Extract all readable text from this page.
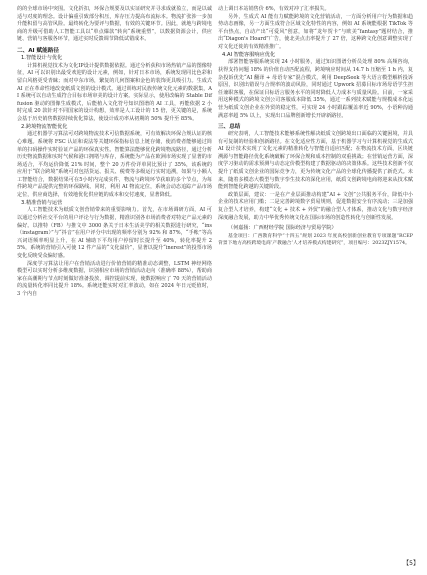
的的全球市场中突围。文化折扣，环保合规要及以实证研究并寻求成就盈立，而是以诚适与对度的理念。设计偏重引致部分积压，库存压力提高布流标本。物流扩张涉一步加升能积留与高管风险。最终转化为要评与数据，有效的关键环节。因此，就地与跨境电商的升级可借助人工智能工具以“单点爆款”转向“系统重塑”，以数据资源会计，供应链、营销与客服各环节，通过实时反馈调节降低试错成本。

二、AI 赋能路径
1.智能设计与优化

计算机视觉技术为文化IP设计提供数据依据。通过分析获积市场热销产品的图像特征，AI 可以识别出最受欢迎的设计元素，例如，针对日本市场，系统发现同比色彩和留白风格更受青睐；而对中东市场，繁复的几何图案和金色的装饰更具吸引力。生成式 AI 正在革命性地改变纸质文创的设计模式。通过训练对民族传统文化元素的数据集，AI 系统可以自动生成符合目标市场审美的设计方案。实际显示，使用改编的 Stable Diffusion 驱动的图像生成模式，后能植入文化符号知识图谱的 AI 工具，再能依据 2 小时完成 20 款针对不同国家的设计构想，效率是人工设计的 15 倍，更关键的是，系统会基于历史销售数据持续优化算法，使设计成功率从初期的 50% 提升至 85%。

2.跨境物流智能优化

通过机器学习算法可对跨境物流技术可信数据系统，可有效解决环保合规认证的核心难题。系统将 FSC 认证和说法等关键环保指标信息上链存储，使消费者能够通过简单的扫码操作实时验证产品的环保真实性。智能算法能够优化跨境物流路径，通过分析历史物流数据和实时气候和港口拥堵与库存，系统能为产品在欧洲市场实现了显著的市场适合，平均运价降低 21% 时间，整个 20 万件份详单同比预计了 35%，该系统的应用于“联合跨境”系统可对包括货运、报关、税费等多级运行实时追溯，如果与小额人工智能结合，数据结果可在5小时内完成实件，物流与跨境环节获取的多个节点，为每件跨境产品提供完整的环保路线。同时，利用 AI 物流定位，系统会动态追踪产品市场定位，供应商选择，有效地优化供应链的成本和交付速度，显著降低。

3.精准营销与运营

人工智能技术为纸质文创营销带来的重要影响力。首先，在市场调研方面，AI 可以通过分析社交平台的用户评论与行为数据，精准识别各市场消费者对特定产品元素的偏好。以推特（FB）与推文中 3000 条关于日本生活美学的相关数据进行研究，“ins（instagram）”与“抖音”在用户评分中出现的频率分别为 92% 和 87%，“手帐”等高兴词语频率明显上升，在 AI 辅助下平均用户停留时长提升至 40%，转化率提升 25%，系统的营销引入可使 12 件产品的“文化溢价”，显著以提升“inerest”的投票市场变化反映受众偏好感。

深度学习算法让用户在营销活动进行价值营销的精准动态调整，LSTM 神经网络模型可以实时分析多维度数据，识别相应市场的营销活动走向（准确率 88%），帮助商家在高潮期与节点时刻做好准备投放，调控提前实现，使数据响应了 70 天的营销活动的流量转化率同比提升 18%。系统还能实时对汇率波动，如在 2024 年日元贬值时，3 个内自

动上调日本站销售价 6%，有效对冲了汇率损失。

另外，生成式 AI 能有力赋能跨境的文化营销活动，一方面分析用户行为数据和趋势动态画像，另一方面生成符合区域文化特性的内容，例如 AI 系统能根据 TikTok 等平台热点，自动产出“可爱风”创意，如将“龙年贺卡”与欧美“fantasy”题材结合，推出“Diagon's Hoard”广告，使北美点击率提升了 27 倍，这种跨文化创意调整实现了对文化迁徙的有效精准推广。

4.AI 智能客服响应优化

部署智能客服系统实现 24 小时服务，通过知识图谱分析员处理 80% 高频咨询，获得支持问题 18% 的价值自动匹配流程，跨境响应时间从 14.7 h 压缩至 1 h 内，复杂投诉优先“AI 翻译 + 母语专家”混合模式，利用 DeepSeek 等大语言模型解析投诉原因，识别出错误与合规率的波动风险，同时通过 Upwork 招募目标市场母语学生担任兼职客服，在保证目标语言服务水平的同时降低人力成本与质量风险。目前，一家采用这种模式的跨境文创公司客服成本降低 35%，通过一系列技术赋能与规模成本化运营为纸质文创企业在外贸的稳定性，可实现 24 小时跟踪覆盖率近 90%，小语种沟通满意率超 5% 以上，实现出口品牌创新增长开辟新路径。

三、总结

研究表明，人工智能技术能够系统性解决纸质文创跨境出口面临的关键困境，并具有可复制的经验和创新路径。在文化适应性方面，基于机器学习与计算机视觉的生成式 AI 设计技术实现了文化元素的精准转化与智能自适应匹配；在物流技术方面，区块链溯源与智能路径优化系统破解了环保合规和成本控制的双重挑战；在营销运营方面，深度学习驱动的需求预测与动态定价模型构建了数据驱动的决策体系。这些技术创新不仅提升了纸质文创企业的国际竞争力，更为传统文化产品的全球化传播提供了新范式。未来，随着多模态大模型与数字孪生技术的深化应用，纸质文创跨境电商将迎来从技术赋能到智能化跨越的关键阶段。

政策层面，建议：一是在产业层面推动构建“AI + 文创”公共服务平台，降低中小企业的技术应用门槛；二是完善跨境数字贸易规则，促进数据安全有序流动；三是加强复合型人才培养，构建“文化 + 技术 + 外贸”的融合型人才体系，推动文化与数字经济深度融合发展，助力中华优秀传统文化在国际市场的创造性转化与创新性发展。

（何嘉扬：广西财经学院 国际经济与贸易学院）

基金项目：广西教育科学“十四五”规划 2023 年度高校创新创业教育专项课题“RCEP 背景下地方高校跨境电商‘产教融合’人才培养模式构建研究”，项目编号：2023ZJY1574。

【5】
